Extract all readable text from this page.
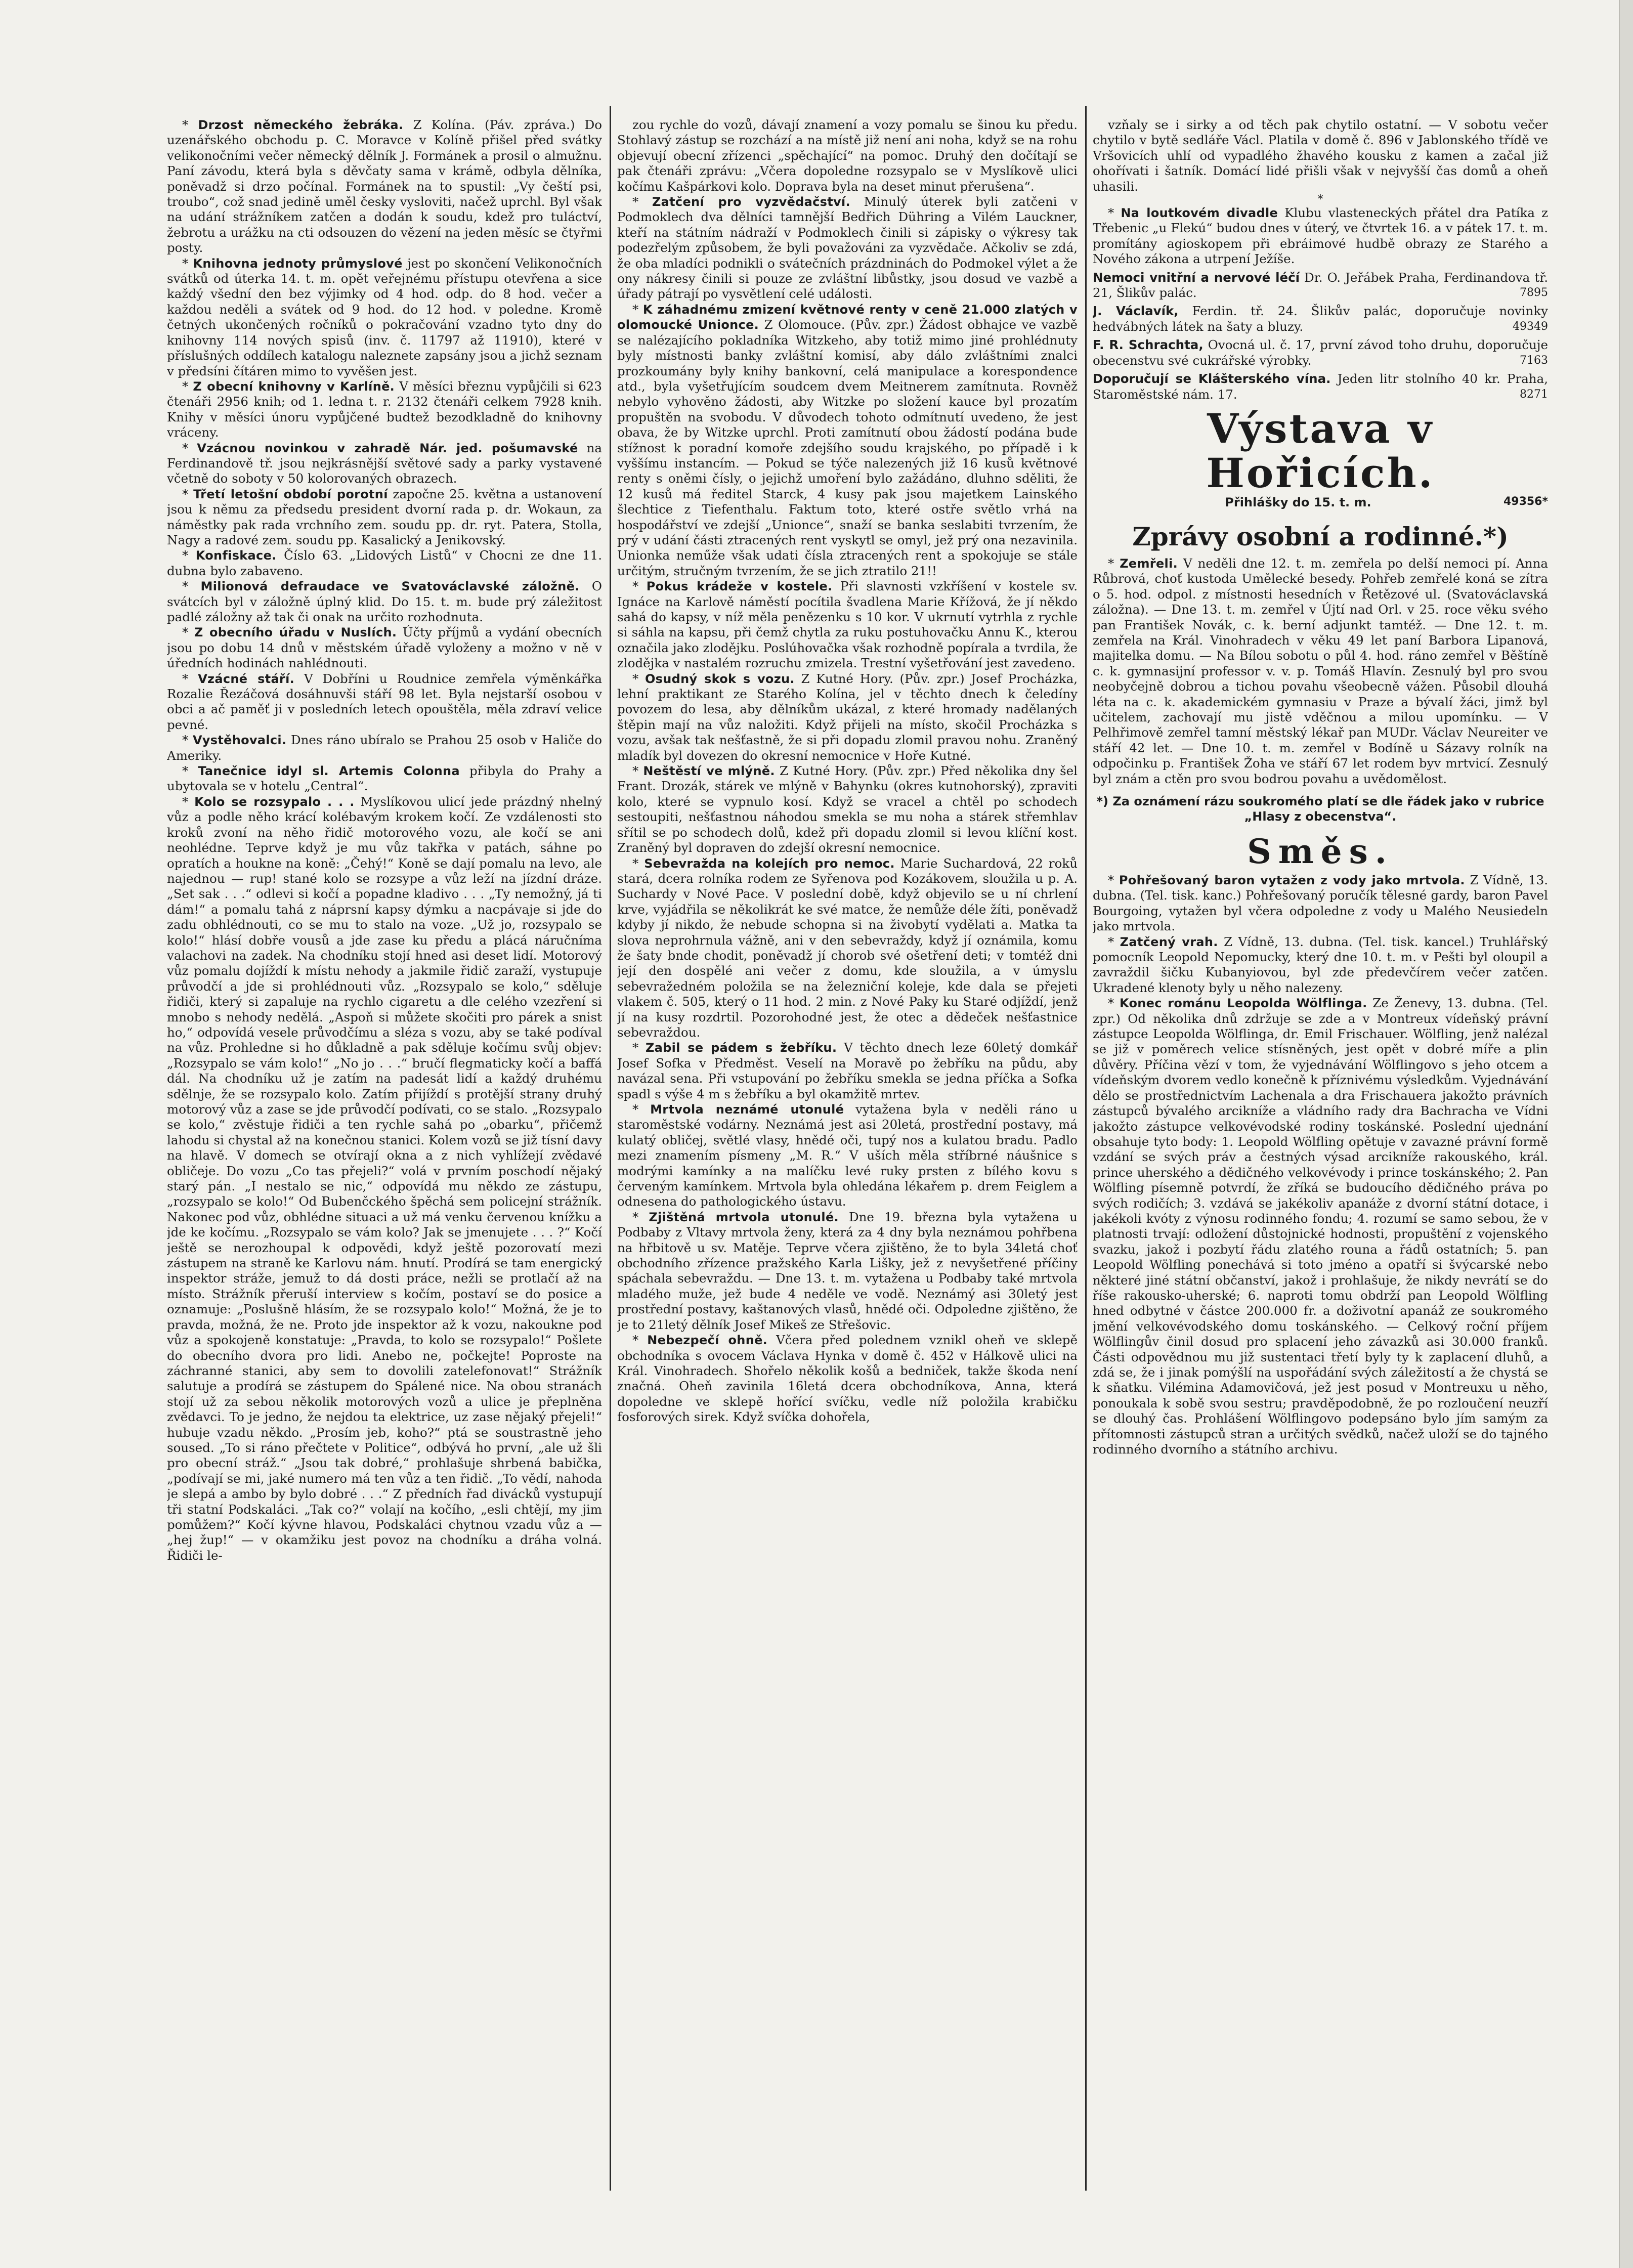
* Drzost německého žebráka. Z Kolína. (Páv. zpráva.) Do uzenářského obchodu p. C. Moravce v Kolíně přišel před svátky velikonočními večer německý dělník J. Formánek a prosil o almužnu. Paní závodu, která byla s děvčaty sama v krámě, odbyla dělníka, poněvadž si drzo počínal. Formánek na to spustil: „Vy čeští psi, troubo“, což snad jedině uměl česky vysloviti, načež uprchl. Byl však na udání strážníkem zatčen a dodán k soudu, kdež pro tuláctví, žebrotu a urážku na cti odsouzen do vězení na jeden měsíc se čtyřmi posty.

* Knihovna jednoty průmyslové jest po skončení Velikonočních svátků od úterka 14. t. m. opět veřejnému přístupu otevřena a sice každý všední den bez výjimky od 4 hod. odp. do 8 hod. večer a každou neděli a svátek od 9 hod. do 12 hod. v poledne. Kromě četných ukončených ročníků o pokračování vzadno tyto dny do knihovny 114 nových spisů (inv. č. 11797 až 11910), které v příslušných oddílech katalogu naleznete zapsány jsou a jichž seznam v předsíni čítáren mimo to vyvěšen jest.

* Z obecní knihovny v Karlíně. V měsíci březnu vypůjčili si 623 čtenáři 2956 knih; od 1. ledna t. r. 2132 čtenáři celkem 7928 knih. Knihy v měsíci únoru vypůjčené budtež bezodkladně do knihovny vráceny.

* Vzácnou novinkou v zahradě Nár. jed. pošumavské na Ferdinandově tř. jsou nejkrásnější světové sady a parky vystavené včetně do soboty v 50 kolorovaných obrazech.

* Třetí letošní období porotní započne 25. května a ustanovení jsou k němu za předsedu president dvorní rada p. dr. Wokaun, za náměstky pak rada vrchního zem. soudu pp. dr. ryt. Patera, Stolla, Nagy a radové zem. soudu pp. Kasalický a Jenikovský.

* Konfiskace. Číslo 63. „Lidových Listů“ v Chocni ze dne 11. dubna bylo zabaveno.

* Milionová defraudace ve Svatováclavské záložně. O svátcích byl v záložně úplný klid. Do 15. t. m. bude prý záležitost padlé záložny až tak či onak na určito rozhodnuta.

* Z obecního úřadu v Nuslích. Účty příjmů a vydání obecních jsou po dobu 14 dnů v městském úřadě vyloženy a možno v ně v úředních hodinách nahlédnouti.

* Vzácné stáří. V Dobříni u Roudnice zemřela výměnkářka Rozalie Řezáčová dosáhnuvši stáří 98 let. Byla nejstarší osobou v obci a ač paměť ji v posledních letech opouštěla, měla zdraví velice pevné.

* Vystěhovalci. Dnes ráno ubíralo se Prahou 25 osob v Haliče do Ameriky.

* Tanečnice idyl sl. Artemis Colonna přibyla do Prahy a ubytovala se v hotelu „Central“.

* Kolo se rozsypalo . . . Myslíkovou ulicí jede prázdný nhelný vůz a podle něho krácí kolébavým krokem kočí. Ze vzdálenosti sto kroků zvoní na něho řidič motorového vozu, ale kočí se ani neohlédne. Teprve když je mu vůz takřka v patách, sáhne po opratích a houkne na koně: „Čehý!“ Koně se dají pomalu na levo, ale najednou — rup! stané kolo se rozsype a vůz leží na jízdní dráze. „Set sak . . .“ odlevi si kočí a popadne kladivo . . . „Ty nemožný, já ti dám!“ a pomalu tahá z náprsní kapsy dýmku a nacpávaje si jde do zadu obhlédnouti, co se mu to stalo na voze. „Už jo, rozsypalo se kolo!“ hlásí dobře vousů a jde zase ku předu a plácá náručníma valachovi na zadek. Na chodníku stojí hned asi deset lidí. Motorový vůz pomalu dojíždí k místu nehody a jakmile řidič zaraží, vystupuje průvodčí a jde si prohlédnouti vůz. „Rozsypalo se kolo,“ sděluje řidiči, který si zapaluje na rychlo cigaretu a dle celého vzezření si mnobo s nehody nedělá. „Aspoň si můžete skočiti pro párek a snist ho,“ odpovídá vesele průvodčímu a sléza s vozu, aby se také podíval na vůz. Prohledne si ho důkladně a pak sděluje kočímu svůj objev: „Rozsypalo se vám kolo!“ „No jo . . .“ bručí flegmaticky kočí a baffá dál. Na chodníku už je zatím na padesát lidí a každý druhému sdělnje, že se rozsypalo kolo. Zatím přijíždí s protější strany druhý motorový vůz a zase se jde průvodčí podívati, co se stalo. „Rozsypalo se kolo,“ zvěstuje řidiči a ten rychle sahá po „obarku“, přičemž lahodu si chystal až na konečnou stanici. Kolem vozů se již tísní davy na hlavě. V domech se otvírají okna a z nich vyhlížejí zvědavé obličeje. Do vozu „Co tas přejeli?“ volá v prvním poschodí nějaký starý pán. „I nestalo se nic,“ odpovídá mu někdo ze zástupu, „rozsypalo se kolo!“ Od Bubenčckého špěchá sem policejní strážník. Nakonec pod vůz, obhlédne situaci a už má venku červenou knížku a jde ke kočímu. „Rozsypalo se vám kolo? Jak se jmenujete . . . ?“ Kočí ještě se nerozhoupal k odpovědi, když ještě pozorovatí mezi zástupem na straně ke Karlovu nám. hnutí. Prodírá se tam energický inspektor stráže, jemuž to dá dosti práce, nežli se protlačí až na místo. Strážník přeruší interview s kočím, postaví se do posice a oznamuje: „Poslušně hlásím, že se rozsypalo kolo!“ Možná, že je to pravda, možná, že ne. Proto jde inspektor až k vozu, nakouknе pod vůz a spokojeně konstatuje: „Pravda, to kolo se rozsypalo!“ Pošlete do obecního dvora pro lidi. Anebo ne, počkejte! Poproste na záchranné stanici, aby sem to dovolili zatelefonovat!“ Strážník salutuje a prodírá se zástupem do Spálené nice. Na obou stranách stojí už za sebou několik motorových vozů a ulice je přeplněna zvědavci. To je jedno, že nejdou ta elektrice, uz zase nějaký přejeli!“ hubuje vzadu někdo. „Prosím jeb, koho?“ ptá se soustrastně jeho soused. „To si ráno přečtete v Politice“, odbývá ho první, „ale už šli pro obecní stráž.“ „Jsou tak dobré,“ prohlašuje shrbená babička, „podívají se mi, jaké numero má ten vůz a ten řidič. „To vědí, nahoda je slepá a ambo by bylo dobré . . .“ Z předních řad divácků vystupují tři statní Podskaláci. „Tak co?“ volají na kočího, „esli chtějí, my jim pomůžem?“ Kočí kývne hlavou, Podskaláci chytnou vzadu vůz a — „hej žup!“ — v okamžiku jest povoz na chodníku a dráha volná. Řidiči le-

zou rychle do vozů, dávají znamení a vozy pomalu se šinou ku předu. Stohlavý zástup se rozchází a na místě již není ani noha, když se na rohu objevují obecní zřízenci „spěchající“ na pomoc. Druhý den dočítají se pak čtenáři zprávu: „Včera dopoledne rozsypalo se v Myslíkově ulici kočímu Kašpárkovi kolo. Doprava byla na deset minut přerušena“.

* Zatčení pro vyzvědačství. Minulý úterek byli zatčeni v Podmoklech dva dělníci tamnější Bedřich Dühring a Vilém Lauckner, kteří na státním nádraží v Podmoklech činili si zápisky o výkresy tak podezřelým způsobem, že byli považováni za vyzvědače. Ačkoliv se zdá, že oba mladíci podnikli o svátečních prázdninách do Podmokel výlet a že ony nákresy činili si pouze ze zvláštní libůstky, jsou dosud ve vazbě a úřady pátrají po vysvětlení celé události.

* K záhadnému zmizení květnové renty v ceně 21.000 zlatých v olomoucké Unioncе. Z Olomouce. (Pův. zpr.) Žádost obhajce ve vazbě se nalézajícího pokladníka Witzkeho, aby totiž mimo jiné prohlédnuty byly místnosti banky zvláštní komisí, aby dálo zvláštními znalci prozkoumány byly knihy bankovní, celá manipulace a korespondence atd., byla vyšetřujícím soudcem dvem Meitnerem zamítnuta. Rovněž nebylo vyhověno žádosti, aby Witzke po složení kauce byl prozatím propuštěn na svobodu. V důvodech tohoto odmítnutí uvedeno, že jest obava, že by Witzke uprchl. Proti zamítnutí obou žádostí podána bude stížnost k poradní komoře zdejšího soudu krajského, po případě i k vyššímu instancím. — Pokud se týče nalezených již 16 kusů květnové renty s oněmi čísly, o jejichž umoření bylo zažádáno, dluhno sděliti, že 12 kusů má ředitel Starck, 4 kusy pak jsou majetkem Lainského šlechtice z Tiefenthalu. Faktum toto, které ostře světlo vrhá na hospodářství ve zdejší „Unionce“, snaží se banka seslabiti tvrzením, že prý v udání části ztracených rent vyskytl se omyl, jež prý ona nezavinila. Unionka neműže však udati čísla ztracených rent a spokojuje se stále určitým, stručným tvrzením, že se jich ztratilo 21!!

* Pokus krádeže v kostele. Při slavnosti vzkříšení v kostele sv. Ignáce na Karlově náměstí pocítila švadlena Marie Křížová, že jí někdo sahá do kapsy, v níž měla penězenku s 10 kor. V ukrnutí vytrhla z rychle si sáhla na kapsu, při čemž chytla za ruku postuhovačku Annu K., kterou označila jako zlodějku. Poslúhovačka však rozhodně popírala a tvrdila, že zlodějka v nastalém rozruchu zmizela. Trestní vyšetřování jest zavedeno.

* Osudný skok s vozu. Z Kutné Hory. (Pův. zpr.) Josef Procházka, lehní praktikant ze Starého Kolína, jel v těchto dnech k čeledíny povozem do lesa, aby dělníkům ukázal, z které hromady nadělaných štěpin mají na vůz naložiti. Když přijeli na místo, skočil Procházka s vozu, avšak tak nešťastně, že si při dopadu zlomil pravou nohu. Zraněný mladík byl dovezen do okresní nemocnice v Hoře Kutné.

* Neštěstí ve mlýně. Z Kutné Hory. (Pův. zpr.) Před několika dny šel Frant. Drozák, stárek ve mlýně v Bahynku (okres kutnohorský), zpraviti kolo, které se vypnulo kosí. Když se vracel a chtěl po schodech sestoupiti, nešťastnou náhodou smekla se mu noha a stárek střemhlav sřítil se po schodech dolů, kdež při dopadu zlomil si levou klíční kost. Zraněný byl dopraven do zdejší okresní nemocnice.

* Sebevražda na kolejích pro nemoc. Marie Suchardová, 22 roků stará, dcera rolníka rodem ze Syřenova pod Kozákovem, sloužila u p. A. Suchardy v Nové Pace. V poslední době, když objevilo se u ní chrlení krve, vyjádřila se několikrát ke své matce, že nemůže déle žíti, poněvadž kdyby jí nikdo, že nebude schopna si na živobytí vydělati a. Matka ta slova neprohrnula vážně, ani v den sebevraždy, když jí oznámila, komu že šaty bnde chodit, poněvadž jí chorob své ošetření deti; v tomtéž dni její den dospělé ani večer z domu, kde sloužila, a v úmyslu sebevražedném položila se na železniční koleje, kde dala se přejeti vlakem č. 505, který o 11 hod. 2 min. z Nové Paky ku Staré odjíždí, jenž jí na kusy rozdrtil. Pozorohodné jest, že otec a dědeček nešťastnice sebevraždou.

* Zabil se pádem s žebříku. V těchto dnech leze 60letý domkář Josef Sofka v Předměst. Veselí na Moravě po žebříku na půdu, aby navázal sena. Při vstupování po žebříku smekla se jedna příčka a Sofka spadl s výše 4 m s žebříku a byl okamžitě mrtev.

* Mrtvola neznámé utonulé vytažena byla v neděli ráno u staroměstské vodárny. Neznámá jest asi 20letá, prostřední postavy, má kulatý obličej, světlé vlasy, hnědé oči, tupý nos a kulatou bradu. Padlo mezi znamením písmeny „M. R.“ V uších měla stříbrné náušnice s modrými kamínky a na malíčku levé ruky prsten z bílého kovu s červeným kamínkem. Mrtvola byla ohledána lékařem p. drem Feiglem a odnesena do pathologického ústavu.

* Zjištěná mrtvola utonulé. Dne 19. března byla vytažena u Podbaby z Vltavy mrtvola ženy, která za 4 dny byla neznámou pohřbena na hřbitově u sv. Matěje. Teprve včera zjištěno, že to byla 34letá choť obchodního zřízence pražského Karla Lišky, jež z nevyšetřené příčiny spáchala sebevraždu. — Dne 13. t. m. vytažena u Podbaby také mrtvola mladého muže, jež bude 4 neděle ve vodě. Neznámý asi 30letý jest prostřední postavy, kaštanových vlasů, hnědé oči. Odpoledne zjištěno, že je to 21letý dělník Josef Mikeš ze Střešovic.

* Nebezpečí ohně. Včera před polednem vznikl oheň ve sklepě obchodníka s ovocem Václava Hynka v domě č. 452 v Hálkově ulici na Král. Vinohradech. Shořelo několik košů a bedniček, takže škoda není značná. Oheň zavinila 16letá dcera obchodníkova, Anna, která dopoledne ve sklepě hořící svíčku, vedle níž položila krabičku fosforových sirek. Když svíčka dohořela,

vzňaly se i sirky a od těch pak chytilo ostatní. — V sobotu večer chytilo v bytě sedláře Václ. Platila v domě č. 896 v Jablonského třídě ve Vršovicích uhlí od vypadlého žhavého kousku z kamen a začal již ohořívati i šatník. Domácí lidé přišli však v nejvyšší čas domů a oheň uhasili.

*

* Na loutkovém divadle Klubu vlasteneckých přátel dra Patíka z Třebenic „u Flekú“ budou dnes v úterý, ve čtvrtek 16. a v pátek 17. t. m. promítány agioskopem při ebráimové hudbě obrazy ze Starého a Nového zákona a utrpení Ježíše.

Nemoci vnitřní a nervové léčí Dr. O. Jeřábek Praha, Ferdinandova tř. 21, Šlikův palác.	7895

J. Václavík, Ferdin. tř. 24. Šlikův palác, doporučuje novinky hedvábných látek na šaty a bluzy.	49349

F. R. Schrachta, Ovocná ul. č. 17, první závod toho druhu, doporučuje obecenstvu své cukrářské výrobky.	7163

Doporučují se Klášterského vína. Jeden litr stolního 40 kr. Praha, Staroměstské nám. 17.	8271

Výstava v Hořicích.

Přihlášky do 15. t. m.	49356*

Zprávy osobní a rodinné.*)

* Zemřeli. V neděli dne 12. t. m. zemřela po delší nemoci pí. Anna Růbrová, choť kustoda Umělecké besedy. Pohřeb zemřelé koná se zítra o 5. hod. odpol. z místnosti hesedních v Řetězové ul. (Svatováclavská záložna). — Dne 13. t. m. zemřel v Újtí nad Orl. v 25. roce věku svého pan František Novák, c. k. berní adjunkt tamtéž. — Dne 12. t. m. zemřela na Král. Vinohradech v věku 49 let paní Barbora Lipanová, majitelka domu. — Na Bílou sobotu o půl 4. hod. ráno zemřel v Běštíně c. k. gymnasijní professor v. v. p. Tomáš Hlavín. Zesnulý byl pro svou neobyčejně dobrou a tichou povahu všeobecně vážen. Působil dlouhá léta na c. k. akademickém gymnasiu v Praze a bývalí žáci, jimž byl učitelem, zachovají mu jistě vděčnou a milou upomínku. — V Pelhřimově zemřel tamní městský lékař pan MUDr. Václav Neureiter ve stáří 42 let. — Dne 10. t. m. zemřel v Bodíně u Sázavy rolník na odpočinku p. František Žoha ve stáří 67 let rodem byv mrtvicí. Zesnulý byl znám a ctěn pro svou bodrou povahu a uvědomělost.

*) Za oznámení rázu soukromého platí se dle řádek jako v rubrice „Hlasy z obecenstva“.

Směs.

* Pohřešovaný baron vytažen z vody jako mrtvola. Z Vídně, 13. dubna. (Tel. tisk. kanc.) Pohřešovaný poručík tělesné gardy, baron Pavel Bourgoing, vytažen byl včera odpoledne z vody u Malého Neusiedeln jako mrtvola.

* Zatčený vrah. Z Vídně, 13. dubna. (Tel. tisk. kancel.) Truhlářský pomocník Leopold Nepomucky, který dne 10. t. m. v Pešti byl oloupil a zavraždil šičku Kubanyiovou, byl zde předevčírem večer zatčen. Ukradené klenoty byly u něho nalezeny.

* Konec románu Leopolda Wölflinga. Ze Ženevy, 13. dubna. (Tel. zpr.) Od několika dnů zdržuje se zde a v Montreux vídeňský právní zástupce Leopolda Wölflinga, dr. Emil Frischauer. Wölfling, jenž nalézal se již v poměrech velice stísněných, jest opět v dobré míře a plin důvěry. Příčina vězí v tom, že vyjednávání Wölflingovo s jeho otcem a vídeňským dvorem vedlo konečně k příznivému výsledkům. Vyjednávání dělo se prostřednictvím Lachenala a dra Frischauera jakožto právních zástupců bývalého arcikníže a vládního rady dra Bachracha ve Vídni jakožto zástupce velkovévodské rodiny toskánské. Poslední ujednání obsahuje tyto body: 1. Leopold Wölfling opětuje v zavazné právní formě vzdání se svých práv a čestných výsad arcikníže rakouského, král. prince uherského a dědičného velkovévody i prince toskánského; 2. Pan Wölfling písemně potvrdí, že zříká se budoucího dědičného práva po svých rodičích; 3. vzdává se jakékoliv apanáže z dvorní státní dotace, i jakékoli kvóty z výnosu rodinného fondu; 4. rozumí se samo sebou, že v platnosti trvají: odložení důstojnické hodnosti, propuštění z vojenského svazku, jakož i pozbytí řádu zlatého rouna a řádů ostatních; 5. pan Leopold Wölfling ponechává si toto jméno a opatří si švýcarské nebo některé jiné státní občanství, jakož i prohlašuje, že nikdy nevrátí se do říše rakousko-uherské; 6. naproti tomu obdrží pan Leopold Wölfling hned odbytné v částce 200.000 fr. a doživotní apanáž ze soukromého jmění velkovévodského domu toskánského. — Celkový roční příjem Wölflingův činil dosud pro splacení jeho závazků asi 30.000 franků. Části odpovědnou mu již sustentaci třetí byly ty k zaplacení dluhů, a zdá se, že i jinak pomýšlí na uspořádání svých záležitostí a že chystá se k sňatku. Vilémina Adamovičová, jež jest posud v Montreuxu u něho, ponoukala k sobě svou sestru; pravděpodobně, že po rozloučení neuzří se dlouhý čas. Prohlášení Wölflingovo podepsáno bylo jím samým za přítomnosti zástupců stran a určitých svědků, načež uloží se do tajného rodinného dvorního a státního archivu.
